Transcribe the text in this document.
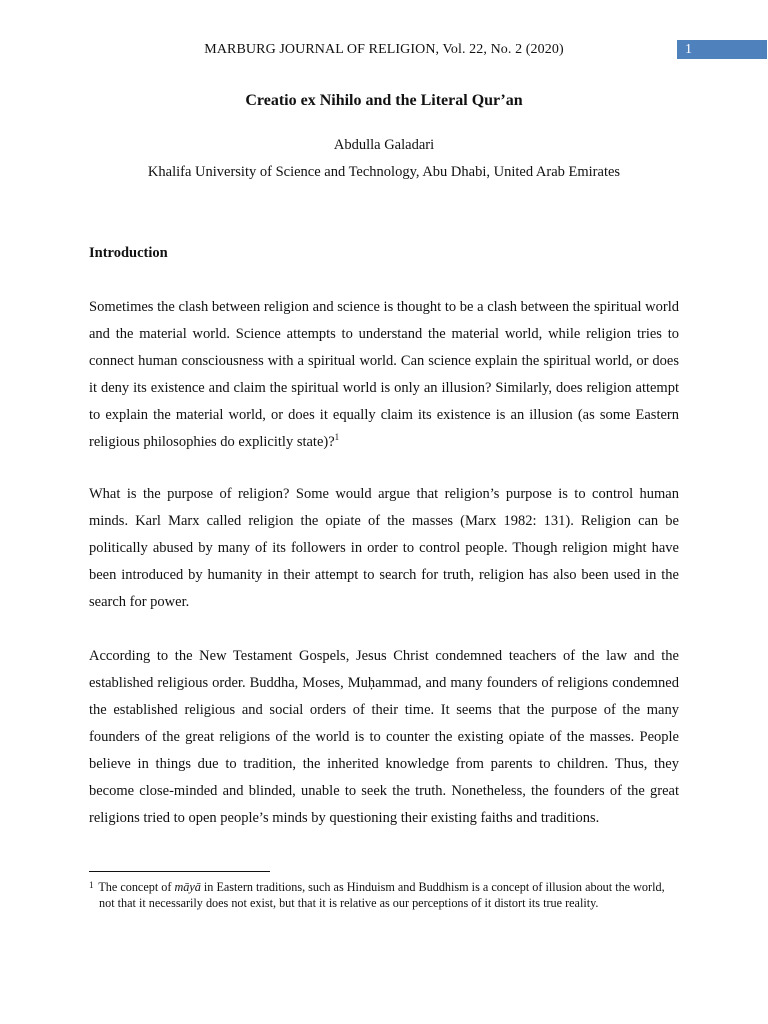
MARBURG JOURNAL OF RELIGION, Vol. 22, No. 2 (2020)	1
Creatio ex Nihilo and the Literal Qur’an
Abdulla Galadari
Khalifa University of Science and Technology, Abu Dhabi, United Arab Emirates
Introduction

Sometimes the clash between religion and science is thought to be a clash between the spiritual world and the material world. Science attempts to understand the material world, while religion tries to connect human consciousness with a spiritual world. Can science explain the spiritual world, or does it deny its existence and claim the spiritual world is only an illusion? Similarly, does religion attempt to explain the material world, or does it equally claim its existence is an illusion (as some Eastern religious philosophies do explicitly state)?$^1$

What is the purpose of religion? Some would argue that religion’s purpose is to control human minds. Karl Marx called religion the opiate of the masses (Marx 1982: 131). Religion can be politically abused by many of its followers in order to control people. Though religion might have been introduced by humanity in their attempt to search for truth, religion has also been used in the search for power.

According to the New Testament Gospels, Jesus Christ condemned teachers of the law and the established religious order. Buddha, Moses, Muḥammad, and many founders of religions condemned the established religious and social orders of their time. It seems that the purpose of the many founders of the great religions of the world is to counter the existing opiate of the masses. People believe in things due to tradition, the inherited knowledge from parents to children. Thus, they become close-minded and blinded, unable to seek the truth. Nonetheless, the founders of the great religions tried to open people’s minds by questioning their existing faiths and traditions.

$^1$ The concept of māyā in Eastern traditions, such as Hinduism and Buddhism is a concept of illusion about the world, not that it necessarily does not exist, but that it is relative as our perceptions of it distort its true reality.
